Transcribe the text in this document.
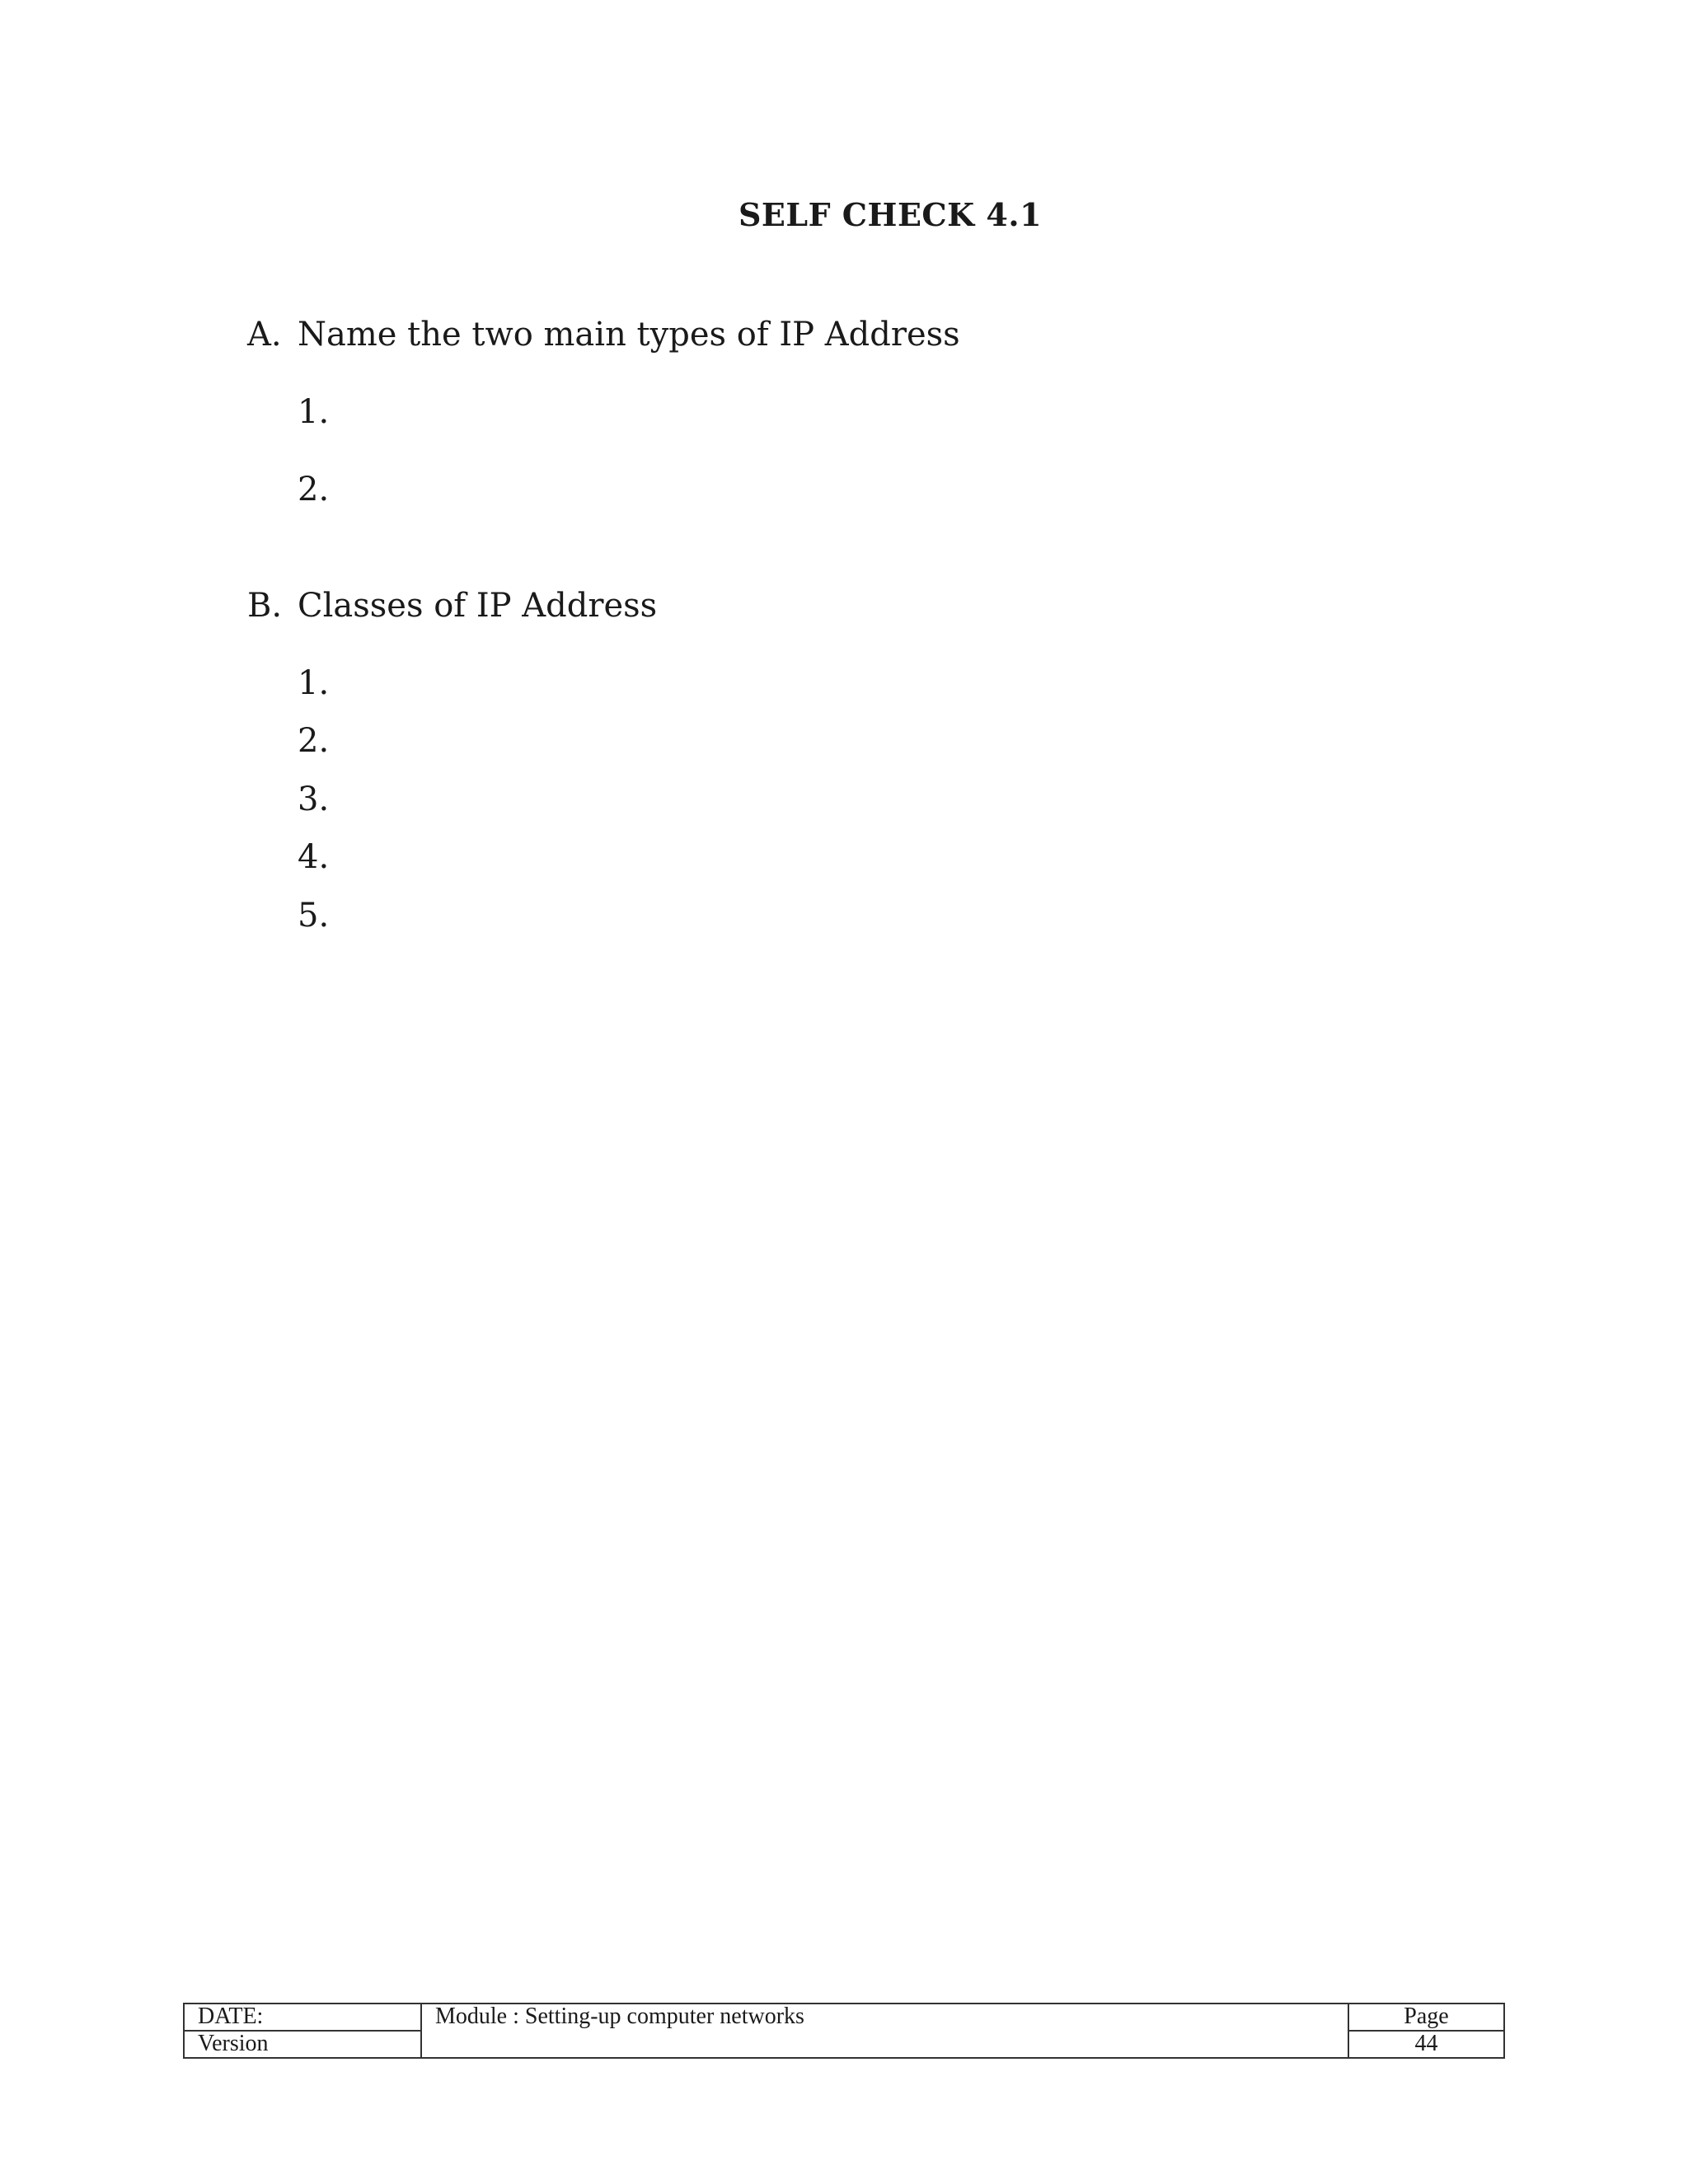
SELF CHECK 4.1
A. Name the two main types of IP Address
1.
2.
B. Classes of IP Address
1.
2.
3.
4.
5.
DATE:	Module : Setting-up computer networks	Page
Version		44
